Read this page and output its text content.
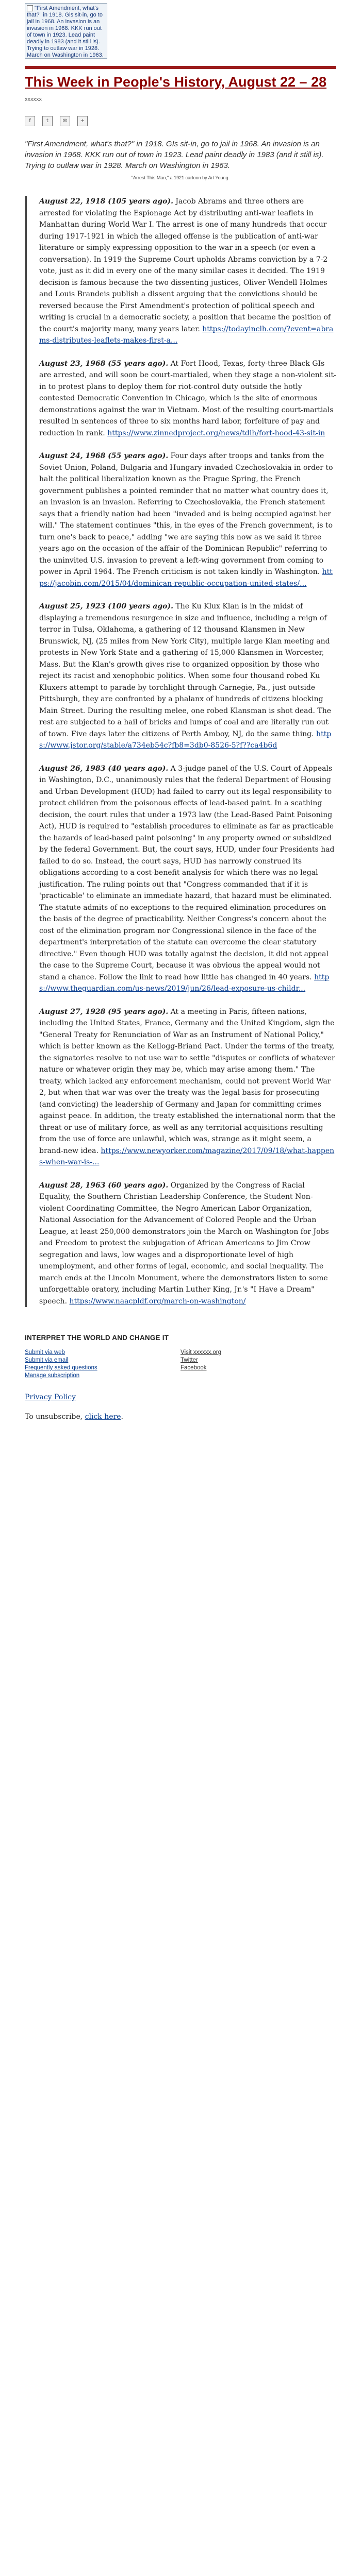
"First Amendment, what's that?" in 1918. Gis sit-in, go to jail in 1968. An invasion is an invasion in 1968. KKK run out of town in 1923. Lead paint deadly in 1983 (and it still is). Trying to outlaw war in 1928. March on Washington in 1963.
This Week in People's History, August 22 – 28
xxxxxx
f	t	✉	+

"First Amendment, what's that?" in 1918. GIs sit-in, go to jail in 1968. An invasion is an invasion in 1968. KKK run out of town in 1923. Lead paint deadly in 1983 (and it still is). Trying to outlaw war in 1928. March on Washington in 1963.

"Arrest This Man," a 1921 cartoon by Art Young.

August 22, 1918 (105 years ago). Jacob Abrams and three others are arrested for violating the Espionage Act by distributing anti-war leaflets in Manhattan during World War I. The arrest is one of many hundreds that occur during 1917-1921 in which the alleged offense is the publication of anti-war literature or simply expressing opposition to the war in a speech (or even a conversation). In 1919 the Supreme Court upholds Abrams conviction by a 7-2 vote, just as it did in every one of the many similar cases it decided. The 1919 decision is famous because the two dissenting justices, Oliver Wendell Holmes and Louis Brandeis publish a dissent arguing that the convictions should be reversed because the First Amendment's protection of political speech and writing is crucial in a democratic society, a position that became the position of the court's majority many, many years later. https://todayinclh.com/?event=abrams-distributes-leaflets-makes-first-a...

August 23, 1968 (55 years ago). At Fort Hood, Texas, forty-three Black GIs are arrested, and will soon be court-martialed, when they stage a non-violent sit-in to protest plans to deploy them for riot-control duty outside the hotly contested Democratic Convention in Chicago, which is the site of enormous demonstrations against the war in Vietnam. Most of the resulting court-martials resulted in sentences of three to six months hard labor, forfeiture of pay and reduction in rank. https://www.zinnedproject.org/news/tdih/fort-hood-43-sit-in

August 24, 1968 (55 years ago). Four days after troops and tanks from the Soviet Union, Poland, Bulgaria and Hungary invaded Czechoslovakia in order to halt the political liberalization known as the Prague Spring, the French government publishes a pointed reminder that no matter what country does it, an invasion is an invasion. Referring to Czechoslovakia, the French statement says that a friendly nation had been "invaded and is being occupied against her will." The statement continues "this, in the eyes of the French government, is to turn one's back to peace," adding "we are saying this now as we said it three years ago on the occasion of the affair of the Dominican Republic" referring to the uninvited U.S. invasion to prevent a left-wing government from coming to power in April 1964. The French criticism is not taken kindly in Washington. https://jacobin.com/2015/04/dominican-republic-occupation-united-states/...

August 25, 1923 (100 years ago). The Ku Klux Klan is in the midst of displaying a tremendous resurgence in size and influence, including a reign of terror in Tulsa, Oklahoma, a gathering of 12 thousand Klansmen in New Brunswick, NJ, (25 miles from New York City), multiple large Klan meeting and protests in New York State and a gathering of 15,000 Klansmen in Worcester, Mass. But the Klan's growth gives rise to organized opposition by those who reject its racist and xenophobic politics. When some four thousand robed Ku Kluxers attempt to parade by torchlight through Carnegie, Pa., just outside Pittsburgh, they are confronted by a phalanx of hundreds of citizens blocking Main Street. During the resulting melee, one robed Klansman is shot dead. The rest are subjected to a hail of bricks and lumps of coal and are literally run out of town. Five days later the citizens of Perth Amboy, NJ, do the same thing. https://www.jstor.org/stable/a734eb54c?fb8=3db0-8526-5?f??ca4b6d

August 26, 1983 (40 years ago). A 3-judge panel of the U.S. Court of Appeals in Washington, D.C., unanimously rules that the federal Department of Housing and Urban Development (HUD) had failed to carry out its legal responsibility to protect children from the poisonous effects of lead-based paint. In a scathing decision, the court rules that under a 1973 law (the Lead-Based Paint Poisoning Act), HUD is required to "establish procedures to eliminate as far as practicable the hazards of lead-based paint poisoning" in any property owned or subsidized by the federal Government. But, the court says, HUD, under four Presidents had failed to do so. Instead, the court says, HUD has narrowly construed its obligations according to a cost-benefit analysis for which there was no legal justification. The ruling points out that "Congress commanded that if it is 'practicable' to eliminate an immediate hazard, that hazard must be eliminated. The statute admits of no exceptions to the required elimination procedures on the basis of the degree of practicability. Neither Congress's concern about the cost of the elimination program nor Congressional silence in the face of the department's interpretation of the statute can overcome the clear statutory directive." Even though HUD was totally against the decision, it did not appeal the case to the Supreme Court, because it was obvious the appeal would not stand a chance. Follow the link to read how little has changed in 40 years. https://www.theguardian.com/us-news/2019/jun/26/lead-exposure-us-childr...

August 27, 1928 (95 years ago). At a meeting in Paris, fifteen nations, including the United States, France, Germany and the United Kingdom, sign the "General Treaty for Renunciation of War as an Instrument of National Policy," which is better known as the Kellogg-Briand Pact. Under the terms of the treaty, the signatories resolve to not use war to settle "disputes or conflicts of whatever nature or whatever origin they may be, which may arise among them." The treaty, which lacked any enforcement mechanism, could not prevent World War 2, but when that war was over the treaty was the legal basis for prosecuting (and convicting) the leadership of Germany and Japan for committing crimes against peace. In addition, the treaty established the international norm that the threat or use of military force, as well as any territorial acquisitions resulting from the use of force are unlawful, which was, strange as it might seem, a brand-new idea. https://www.newyorker.com/magazine/2017/09/18/what-happens-when-war-is-...

August 28, 1963 (60 years ago). Organized by the Congress of Racial Equality, the Southern Christian Leadership Conference, the Student Non-violent Coordinating Committee, the Negro American Labor Organization, National Association for the Advancement of Colored People and the Urban League, at least 250,000 demonstrators join the March on Washington for Jobs and Freedom to protest the subjugation of African Americans to Jim Crow segregation and laws, low wages and a disproportionate level of high unemployment, and other forms of legal, economic, and social inequality. The march ends at the Lincoln Monument, where the demonstrators listen to some unforgettable oratory, including Martin Luther King, Jr.'s "I Have a Dream" speech. https://www.naacpldf.org/march-on-washington/

INTERPRET THE WORLD AND CHANGE IT
Submit via web
Submit via email
Frequently asked questions
Manage subscription
Visit xxxxxx.org
Twitter
Facebook
Privacy Policy
To unsubscribe, click here.
